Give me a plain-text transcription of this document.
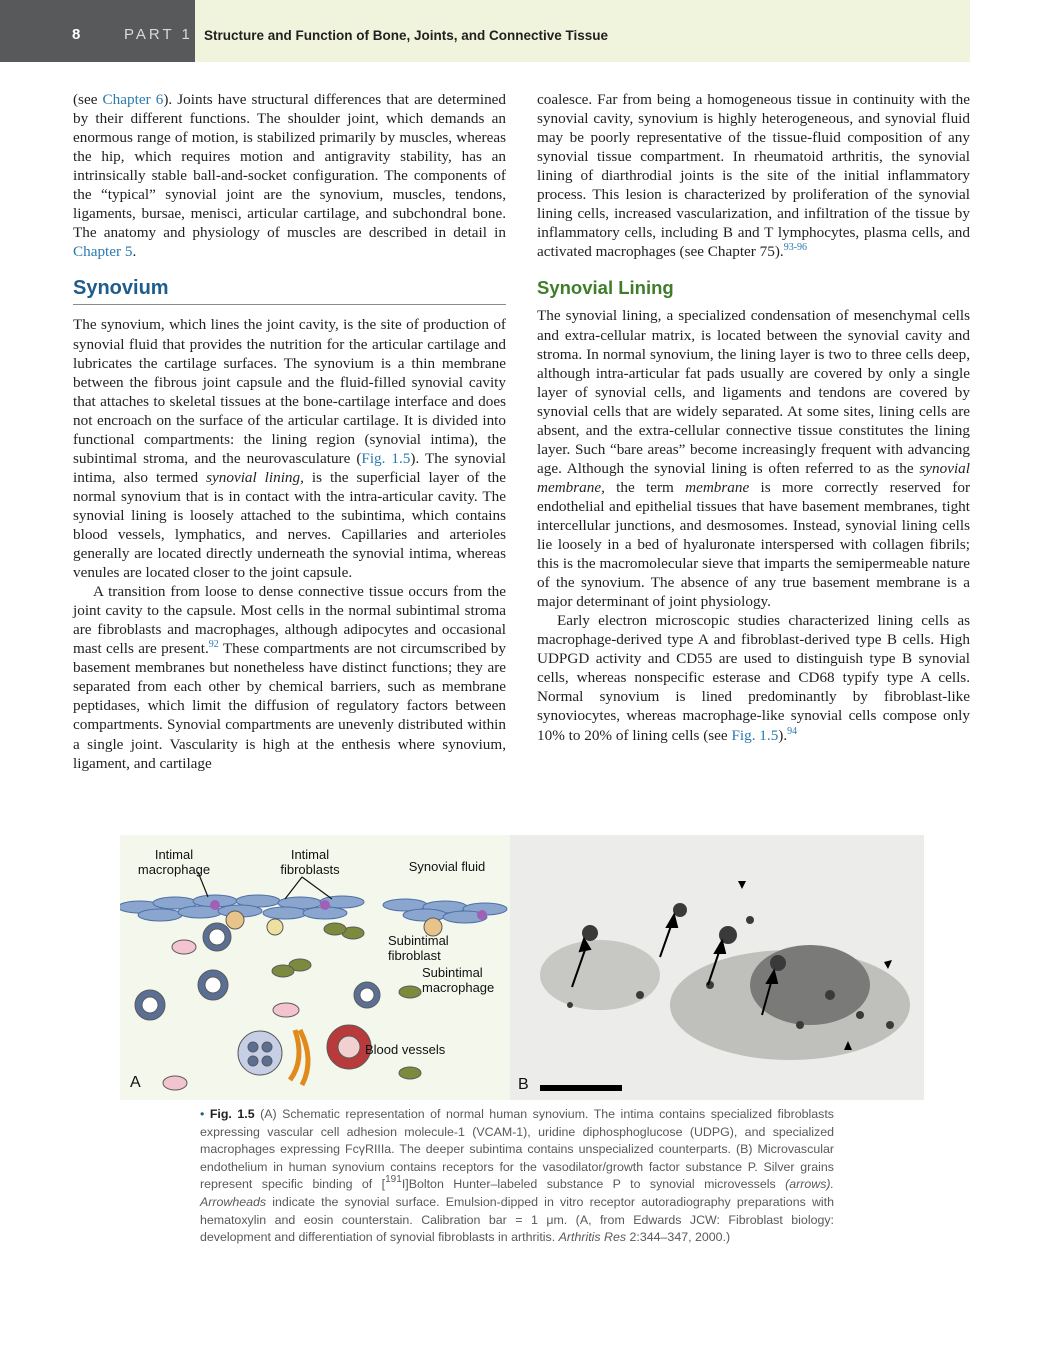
8	PART 1 Structure and Function of Bone, Joints, and Connective Tissue

(see Chapter 6). Joints have structural differences that are determined by their different functions. The shoulder joint, which demands an enormous range of motion, is stabilized primarily by muscles, whereas the hip, which requires motion and antigravity stability, has an intrinsically stable ball-and-socket configuration. The components of the “typical” synovial joint are the synovium, muscles, tendons, ligaments, bursae, menisci, articular cartilage, and subchondral bone. The anatomy and physiology of muscles are described in detail in Chapter 5.

Synovium

The synovium, which lines the joint cavity, is the site of production of synovial fluid that provides the nutrition for the articular cartilage and lubricates the cartilage surfaces. The synovium is a thin membrane between the fibrous joint capsule and the fluid-filled synovial cavity that attaches to skeletal tissues at the bone-cartilage interface and does not encroach on the surface of the articular cartilage. It is divided into functional compartments: the lining region (synovial intima), the subintimal stroma, and the neurovasculature (Fig. 1.5). The synovial intima, also termed synovial lining, is the superficial layer of the normal synovium that is in contact with the intra-articular cavity. The synovial lining is loosely attached to the subintima, which contains blood vessels, lymphatics, and nerves. Capillaries and arterioles generally are located directly underneath the synovial intima, whereas venules are located closer to the joint capsule.

A transition from loose to dense connective tissue occurs from the joint cavity to the capsule. Most cells in the normal subintimal stroma are fibroblasts and macrophages, although adipocytes and occasional mast cells are present.$^{92}$ These compartments are not circumscribed by basement membranes but nonetheless have distinct functions; they are separated from each other by chemical barriers, such as membrane peptidases, which limit the diffusion of regulatory factors between compartments. Synovial compartments are unevenly distributed within a single joint. Vascularity is high at the enthesis where synovium, ligament, and cartilage

coalesce. Far from being a homogeneous tissue in continuity with the synovial cavity, synovium is highly heterogeneous, and synovial fluid may be poorly representative of the tissue-fluid composition of any synovial tissue compartment. In rheumatoid arthritis, the synovial lining of diarthrodial joints is the site of the initial inflammatory process. This lesion is characterized by proliferation of the synovial lining cells, increased vascularization, and infiltration of the tissue by inflammatory cells, including B and T lymphocytes, plasma cells, and activated macrophages (see Chapter 75).$^{93-96}$

Synovial Lining

The synovial lining, a specialized condensation of mesenchymal cells and extra-cellular matrix, is located between the synovial cavity and stroma. In normal synovium, the lining layer is two to three cells deep, although intra-articular fat pads usually are covered by only a single layer of synovial cells, and ligaments and tendons are covered by synovial cells that are widely separated. At some sites, lining cells are absent, and the extra-cellular connective tissue constitutes the lining layer. Such “bare areas” become increasingly frequent with advancing age. Although the synovial lining is often referred to as the synovial membrane, the term membrane is more correctly reserved for endothelial and epithelial tissues that have basement membranes, tight intercellular junctions, and desmosomes. Instead, synovial lining cells lie loosely in a bed of hyaluronate interspersed with collagen fibrils; this is the macromolecular sieve that imparts the semipermeable nature of the synovium. The absence of any true basement membrane is a major determinant of joint physiology.

Early electron microscopic studies characterized lining cells as macrophage-derived type A and fibroblast-derived type B cells. High UDPGD activity and CD55 are used to distinguish type B synovial cells, whereas nonspecific esterase and CD68 typify type A cells. Normal synovium is lined predominantly by fibroblast-like synoviocytes, whereas macrophage-like synovial cells compose only 10% to 20% of lining cells (see Fig. 1.5).$^{94}$

Intimal macrophage
Intimal fibroblasts	Synovial fluid
Subintimal fibroblast
Subintimal macrophage
Blood vessels
A	B
• Fig. 1.5 (A) Schematic representation of normal human synovium. The intima contains specialized fibroblasts expressing vascular cell adhesion molecule-1 (VCAM-1), uridine diphosphoglucose (UDPG), and specialized macrophages expressing FcγRIIIa. The deeper subintima contains unspecialized counterparts. (B) Microvascular endothelium in human synovium contains receptors for the vasodilator/growth factor substance P. Silver grains represent specific binding of [$^{191}$I]Bolton Hunter–labeled substance P to synovial microvessels (arrows). Arrowheads indicate the synovial surface. Emulsion-dipped in vitro receptor autoradiography preparations with hematoxylin and eosin counterstain. Calibration bar = 1 μm. (A, from Edwards JCW: Fibroblast biology: development and differentiation of synovial fibroblasts in arthritis. Arthritis Res 2:344–347, 2000.)
